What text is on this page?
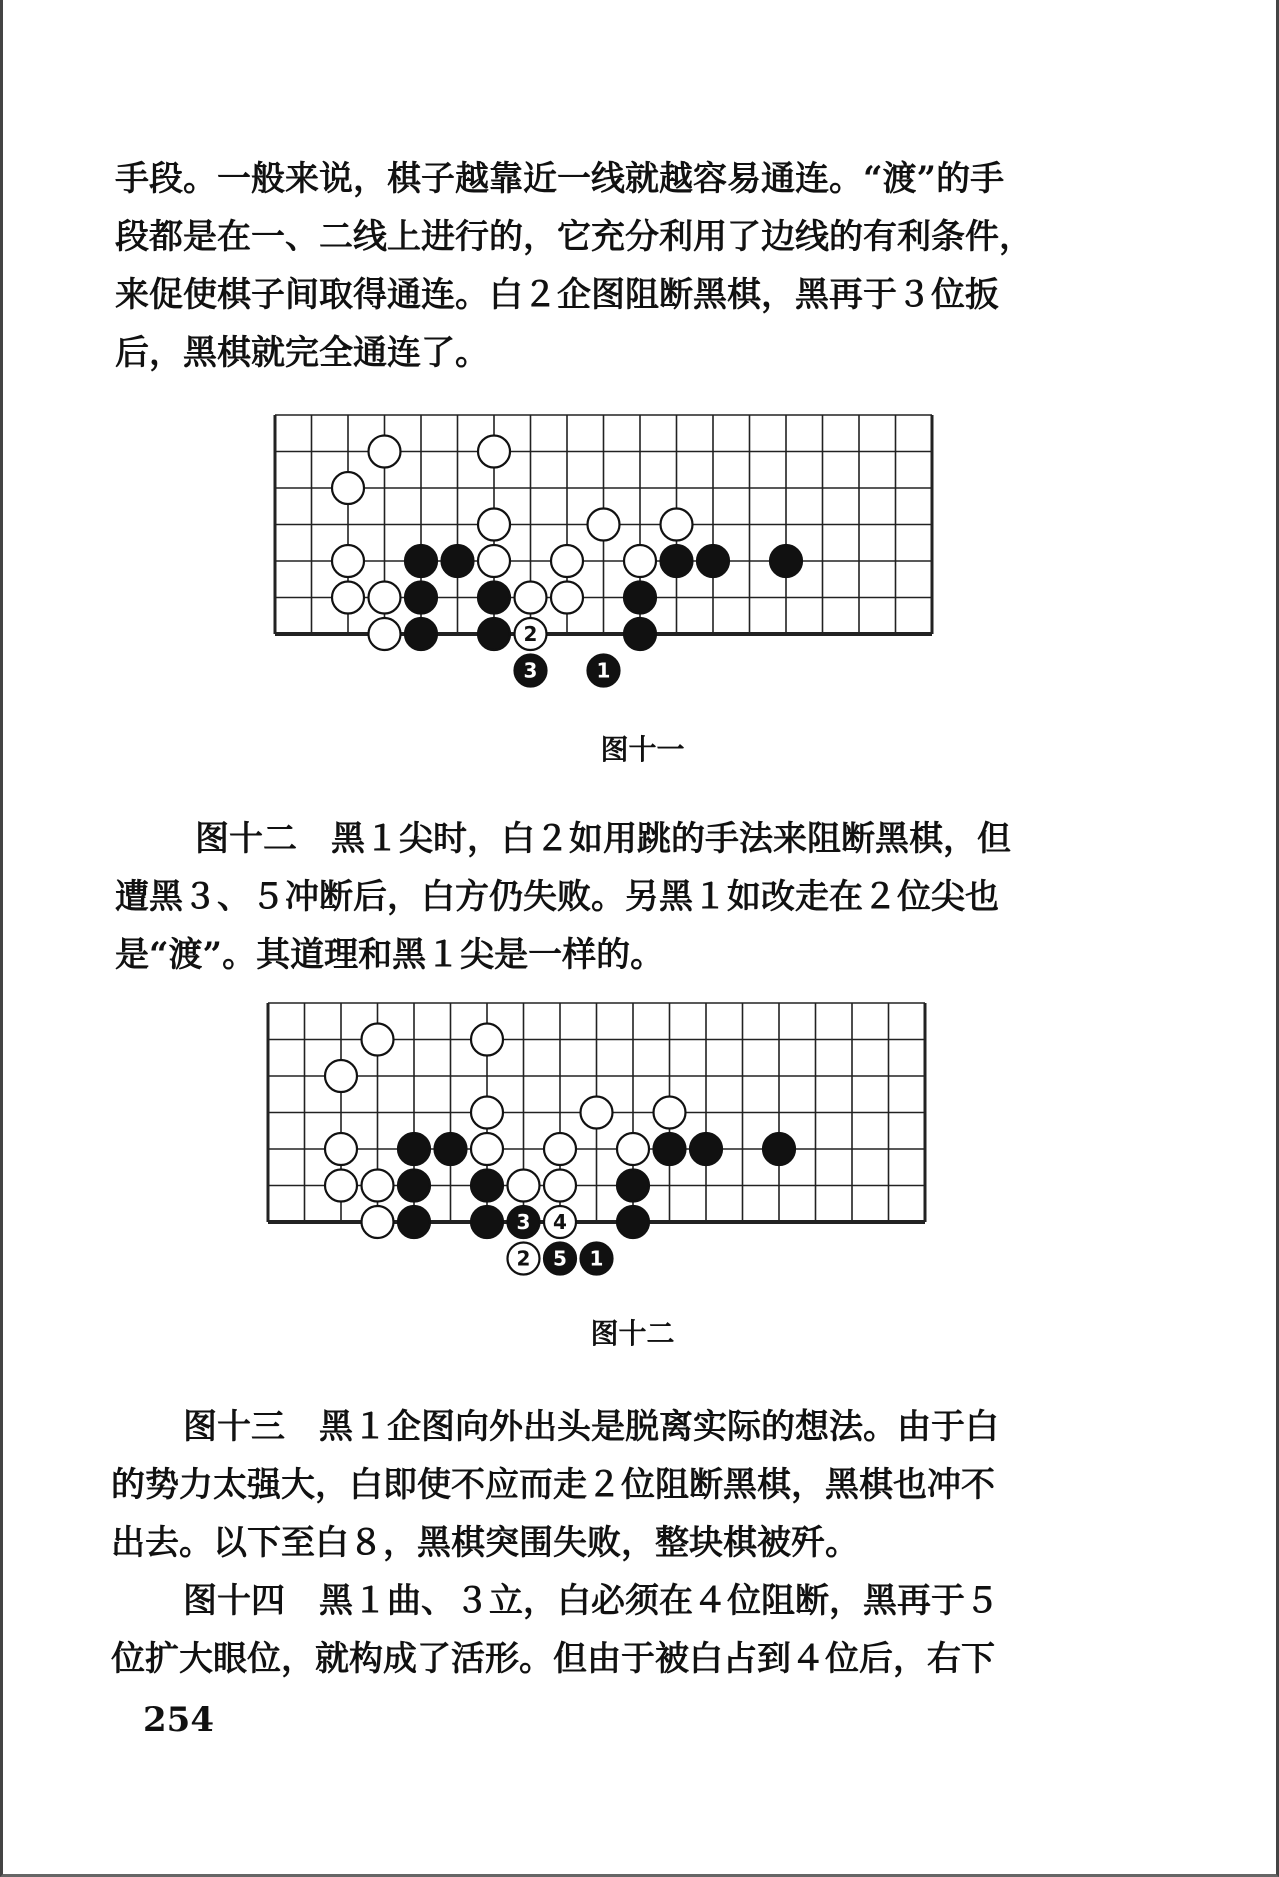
手段。一般来说，棋子越靠近一线就越容易通连。“渡”的手
段都是在一、二线上进行的，它充分利用了边线的有利条件，
来促使棋子间取得通连。白２企图阻断黑棋，黑再于３位扳
后，黑棋就完全通连了。

2
3	1
图十一

图十二　黑１尖时，白２如用跳的手法来阻断黑棋，但
遭黑３、５冲断后，白方仍失败。另黑１如改走在２位尖也
是“渡”。其道理和黑１尖是一样的。

3 4
2 5 1
图十二

图十三　黑１企图向外出头是脱离实际的想法。由于白
的势力太强大，白即使不应而走２位阻断黑棋，黑棋也冲不
出去。以下至白８，黑棋突围失败，整块棋被歼。

图十四　黑１曲、３立，白必须在４位阻断，黑再于５
位扩大眼位，就构成了活形。但由于被白占到４位后，右下

254
